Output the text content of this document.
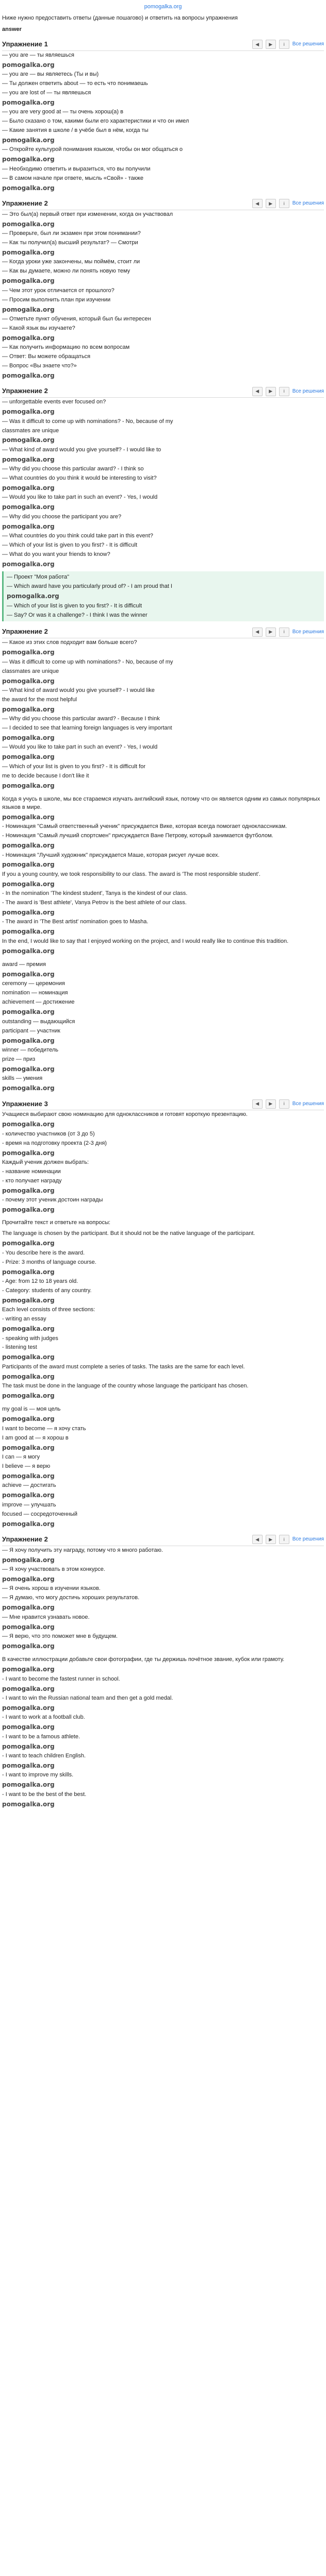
pomogalka.org
Ниже нужно предоставить ответы (данные пошагово) и ответить на вопросы упражнения
answer
Упражнение 1	◀	▶	i	Все решения
— you are — ты являешься
pomogalka.org
— you are — вы являетесь (Ты и вы)
— Ты должен ответить about — то есть что понимаешь
— you are lost of — ты являешься
pomogalka.org
— you are very good at — ты очень хорош(а) в
— Было сказано о том, какими были его характеристики и что он имел
— Какие занятия в школе / в учёбе был в нём, когда ты
pomogalka.org
— Откройте культурой понимания языком, чтобы он мог общаться о
pomogalka.org
— Необходимо ответить и выразиться, что вы получили
— В самом начале при ответе, мысль «Свой» - также
pomogalka.org
Упражнение 2	◀	▶	i	Все решения
— Это был(а) первый ответ при изменении, когда он участвовал
pomogalka.org
— Проверьте, был ли экзамен при этом понимании?
— Как ты получил(а) высший результат? — Смотри
pomogalka.org
— Когда уроки уже закончены, мы поймём, стоит ли
— Как вы думаете, можно ли понять новую тему
pomogalka.org
— Чем этот урок отличается от прошлого?
— Просим выполнить план при изучении
pomogalka.org
— Отметьте пункт обучения, который был бы интересен
— Какой язык вы изучаете?
pomogalka.org
— Как получить информацию по всем вопросам
— Ответ: Вы можете обращаться
— Вопрос «Вы знаете что?»
pomogalka.org
Упражнение 2	◀	▶	i	Все решения
— unforgettable events ever focused on?
pomogalka.org
— Was it difficult to come up with nominations? - No, because of my
classmates are unique
pomogalka.org
— What kind of award would you give yourself? - I would like to
pomogalka.org
— Why did you choose this particular award? - I think so
— What countries do you think it would be interesting to visit?
pomogalka.org
— Would you like to take part in such an event? - Yes, I would
pomogalka.org
— Why did you choose the participant you are?
pomogalka.org
— What countries do you think could take part in this event?
— Which of your list is given to you first? - It is difficult
— What do you want your friends to know?
pomogalka.org
— Проект "Моя работа"
— Which award have you particularly proud of? - I am proud that I
pomogalka.org
— Which of your list is given to you first? - It is difficult
— Say? Or was it a challenge? - I think I was the winner
Упражнение 2	◀	▶	i	Все решения
— Какое из этих слов подходит вам больше всего?
pomogalka.org
— Was it difficult to come up with nominations? - No, because of my
classmates are unique
pomogalka.org
— What kind of award would you give yourself? - I would like
the award for the most helpful
pomogalka.org
— Why did you choose this particular award? - Because I think
— I decided to see that learning foreign languages is very important
pomogalka.org
— Would you like to take part in such an event? - Yes, I would
pomogalka.org
— Which of your list is given to you first? - It is difficult for
me to decide because I don't like it
pomogalka.org
Когда я учусь в школе, мы все стараемся изучать английский язык, потому что он является одним из самых популярных языков в мире.
pomogalka.org
- Номинация "Самый ответственный ученик" присуждается Вике, которая всегда помогает одноклассникам.
- Номинация "Самый лучший спортсмен" присуждается Ване Петрову, который занимается футболом.
pomogalka.org
- Номинация "Лучший художник" присуждается Маше, которая рисует лучше всех.
pomogalka.org
If you a young country, we took responsibility to our class. The award is 'The most responsible student'.
pomogalka.org
- In the nomination 'The kindest student', Tanya is the kindest of our class.
- The award is 'Best athlete', Vanya Petrov is the best athlete of our class.
pomogalka.org
- The award in 'The Best artist' nomination goes to Masha.
pomogalka.org
In the end, I would like to say that I enjoyed working on the project, and I would really like to continue this tradition.
pomogalka.org
award — премия
pomogalka.org
ceremony — церемония
nomination — номинация
achievement — достижение
pomogalka.org
outstanding — выдающийся
participant — участник
pomogalka.org
winner — победитель
prize — приз
pomogalka.org
skills — умения
pomogalka.org
Упражнение 3	◀	▶	i	Все решения
Учащиеся выбирают свою номинацию для одноклассников и готовят короткую презентацию.
pomogalka.org
- количество участников (от 3 до 5)
- время на подготовку проекта (2-3 дня)
pomogalka.org
Каждый ученик должен выбрать:
- название номинации
- кто получает награду
pomogalka.org
- почему этот ученик достоин награды
pomogalka.org
Прочитайте текст и ответьте на вопросы:
The language is chosen by the participant. But it should not be the native language of the participant.
pomogalka.org
- You describe here is the award.
- Prize: 3 months of language course.
pomogalka.org
- Age: from 12 to 18 years old.
- Category: students of any country.
pomogalka.org
Each level consists of three sections:
- writing an essay
pomogalka.org
- speaking with judges
- listening test
pomogalka.org
Participants of the award must complete a series of tasks. The tasks are the same for each level.
pomogalka.org
The task must be done in the language of the country whose language the participant has chosen.
pomogalka.org
my goal is — моя цель
pomogalka.org
I want to become — я хочу стать
I am good at — я хорош в
pomogalka.org
I can — я могу
I believe — я верю
pomogalka.org
achieve — достигать
pomogalka.org
improve — улучшать
focused — сосредоточенный
pomogalka.org
Упражнение 2	◀	▶	i	Все решения
— Я хочу получить эту награду, потому что я много работаю.
pomogalka.org
— Я хочу участвовать в этом конкурсе.
pomogalka.org
— Я очень хорош в изучении языков.
— Я думаю, что могу достичь хороших результатов.
pomogalka.org
— Мне нравится узнавать новое.
pomogalka.org
— Я верю, что это поможет мне в будущем.
pomogalka.org
В качестве иллюстрации добавьте свои фотографии, где ты держишь почётное звание, кубок или грамоту.
pomogalka.org
- I want to become the fastest runner in school.
pomogalka.org
- I want to win the Russian national team and then get a gold medal.
pomogalka.org
- I want to work at a football club.
pomogalka.org
- I want to be a famous athlete.
pomogalka.org
- I want to teach children English.
pomogalka.org
- I want to improve my skills.
pomogalka.org
- I want to be the best of the best.
pomogalka.org
